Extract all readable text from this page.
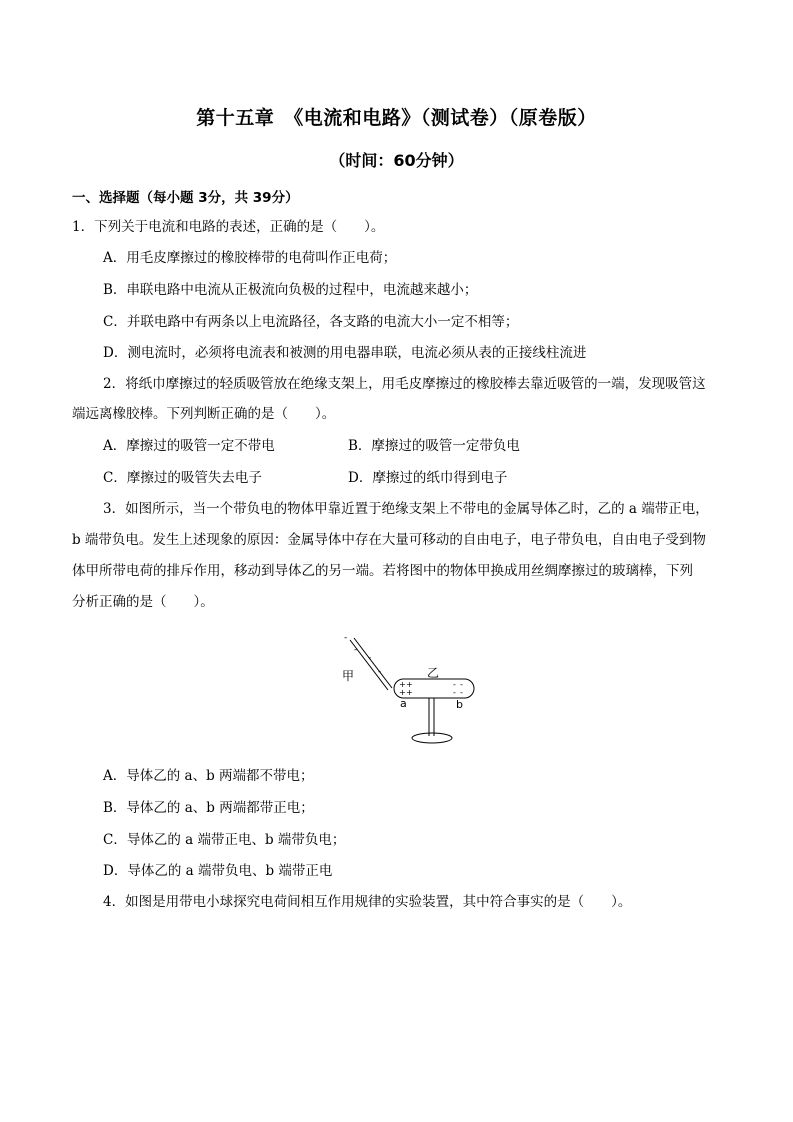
第十五章　《电流和电路》（测试卷）（原卷版）
（时间：60分钟）
一、选择题（每小题 3分，共 39分）
1．下列关于电流和电路的表述，正确的是（　　）。
A．用毛皮摩擦过的橡胶棒带的电荷叫作正电荷；
B．串联电路中电流从正极流向负极的过程中，电流越来越小；
C．并联电路中有两条以上电流路径，各支路的电流大小一定不相等；
D．测电流时，必须将电流表和被测的用电器串联，电流必须从表的正接线柱流进
2．将纸巾摩擦过的轻质吸管放在绝缘支架上，用毛皮摩擦过的橡胶棒去靠近吸管的一端，发现吸管这
端远离橡胶棒。下列判断正确的是（　　）。
A．摩擦过的吸管一定不带电	B．摩擦过的吸管一定带负电
C．摩擦过的吸管失去电子	D．摩擦过的纸巾得到电子
3．如图所示，当一个带负电的物体甲靠近置于绝缘支架上不带电的金属导体乙时，乙的 a 端带正电，
b 端带负电。发生上述现象的原因：金属导体中存在大量可移动的自由电子，电子带负电，自由电子受到物
体甲所带电荷的排斥作用，移动到导体乙的另一端。若将图中的物体甲换成用丝绸摩擦过的玻璃棒，下列
分析正确的是（　　）。
-
-
-
-
甲	乙
+ +
+ +
- -
- -
a	b
A．导体乙的 a、b 两端都不带电；
B．导体乙的 a、b 两端都带正电；
C．导体乙的 a 端带正电、b 端带负电；
D．导体乙的 a 端带负电、b 端带正电
4．如图是用带电小球探究电荷间相互作用规律的实验装置，其中符合事实的是（　　）。
